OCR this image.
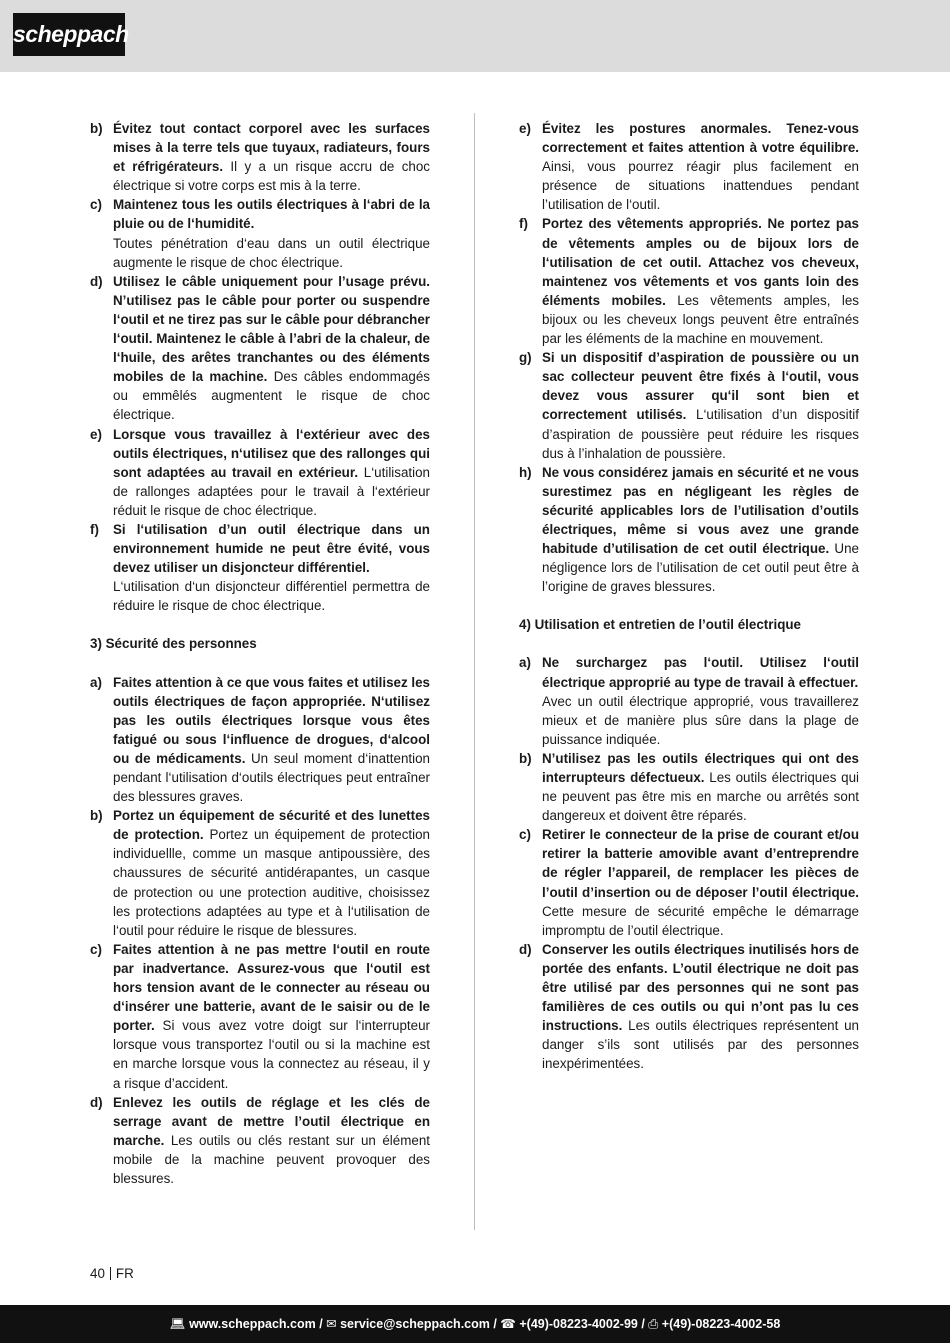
scheppach
b) Évitez tout contact corporel avec les surfaces mises à la terre tels que tuyaux, radiateurs, fours et réfrigérateurs. Il y a un risque accru de choc électrique si votre corps est mis à la terre.

c) Maintenez tous les outils électriques à l‘abri de la pluie ou de l‘humidité.
Toutes pénétration d‘eau dans un outil électrique augmente le risque de choc électrique.

d) Utilisez le câble uniquement pour l’usage prévu. N’utilisez pas le câble pour porter ou suspendre l‘outil et ne tirez pas sur le câble pour débrancher l‘outil. Maintenez le câble à l’abri de la chaleur, de l‘huile, des arêtes tranchantes ou des éléments mobiles de la machine. Des câbles endommagés ou emmêlés augmentent le risque de choc électrique.

e) Lorsque vous travaillez à l‘extérieur avec des outils électriques, n‘utilisez que des rallonges qui sont adaptées au travail en extérieur. L‘utilisation de rallonges adaptées pour le travail à l‘extérieur réduit le risque de choc électrique.

f) Si l‘utilisation d’un outil électrique dans un environnement humide ne peut être évité, vous devez utiliser un disjoncteur différentiel.
L‘utilisation d‘un disjoncteur différentiel permettra de réduire le risque de choc électrique.

3) Sécurité des personnes

a) Faites attention à ce que vous faites et utilisez les outils électriques de façon appropriée. N‘utilisez pas les outils électriques lorsque vous êtes fatigué ou sous l‘influence de drogues, d‘alcool ou de médicaments. Un seul moment d‘inattention pendant l‘utilisation d‘outils électriques peut entraîner des blessures graves.

b) Portez un équipement de sécurité et des lunettes de protection. Portez un équipement de protection individuellle, comme un masque antipoussière, des chaussures de sécurité antidérapantes, un casque de protection ou une protection auditive, choisissez les protections adaptées au type et à l‘utilisation de l‘outil pour réduire le risque de blessures.

c) Faites attention à ne pas mettre l‘outil en route par inadvertance. Assurez-vous que l‘outil est hors tension avant de le connecter au réseau ou d‘insérer une batterie, avant de le saisir ou de le porter. Si vous avez votre doigt sur l‘interrupteur lorsque vous transportez l‘outil ou si la machine est en marche lorsque vous la connectez au réseau, il y a risque d’accident.

d) Enlevez les outils de réglage et les clés de serrage avant de mettre l’outil électrique en marche. Les outils ou clés restant sur un élément mobile de la machine peuvent provoquer des blessures.

e) Évitez les postures anormales. Tenez-vous correctement et faites attention à votre équilibre. Ainsi, vous pourrez réagir plus facilement en présence de situations inattendues pendant l’utilisation de l‘outil.

f) Portez des vêtements appropriés. Ne portez pas de vêtements amples ou de bijoux lors de l‘utilisation de cet outil. Attachez vos cheveux, maintenez vos vêtements et vos gants loin des éléments mobiles. Les vêtements amples, les bijoux ou les cheveux longs peuvent être entraînés par les éléments de la machine en mouvement.

g) Si un dispositif d’aspiration de poussière ou un sac collecteur peuvent être fixés à l‘outil, vous devez vous assurer qu‘il sont bien et correctement utilisés. L‘utilisation d’un dispositif d’aspiration de poussière peut réduire les risques dus à l’inhalation de poussière.

h) Ne vous considérez jamais en sécurité et ne vous surestimez pas en négligeant les règles de sécurité applicables lors de l’utilisation d’outils électriques, même si vous avez une grande habitude d’utilisation de cet outil électrique. Une négligence lors de l’utilisation de cet outil peut être à l’origine de graves blessures.

4) Utilisation et entretien de l’outil électrique

a) Ne surchargez pas l‘outil. Utilisez l‘outil électrique approprié au type de travail à effectuer.
Avec un outil électrique approprié, vous travaillerez mieux et de manière plus sûre dans la plage de puissance indiquée.

b) N’utilisez pas les outils électriques qui ont des interrupteurs défectueux. Les outils électriques qui ne peuvent pas être mis en marche ou arrêtés sont dangereux et doivent être réparés.

c) Retirer le connecteur de la prise de courant et/ou retirer la batterie amovible avant d’entreprendre de régler l’appareil, de remplacer les pièces de l’outil d’insertion ou de déposer l’outil électrique. Cette mesure de sécurité empêche le démarrage impromptu de l’outil électrique.

d) Conserver les outils électriques inutilisés hors de portée des enfants. L’outil électrique ne doit pas être utilisé par des personnes qui ne sont pas familières de ces outils ou qui n’ont pas lu ces instructions. Les outils électriques représentent un danger s’ils sont utilisés par des personnes inexpérimentées.

40 FR
💻︎ www.scheppach.com / ✉︎ service@scheppach.com / ☎︎ +(49)-08223-4002-99 / ⎙ +(49)-08223-4002-58
